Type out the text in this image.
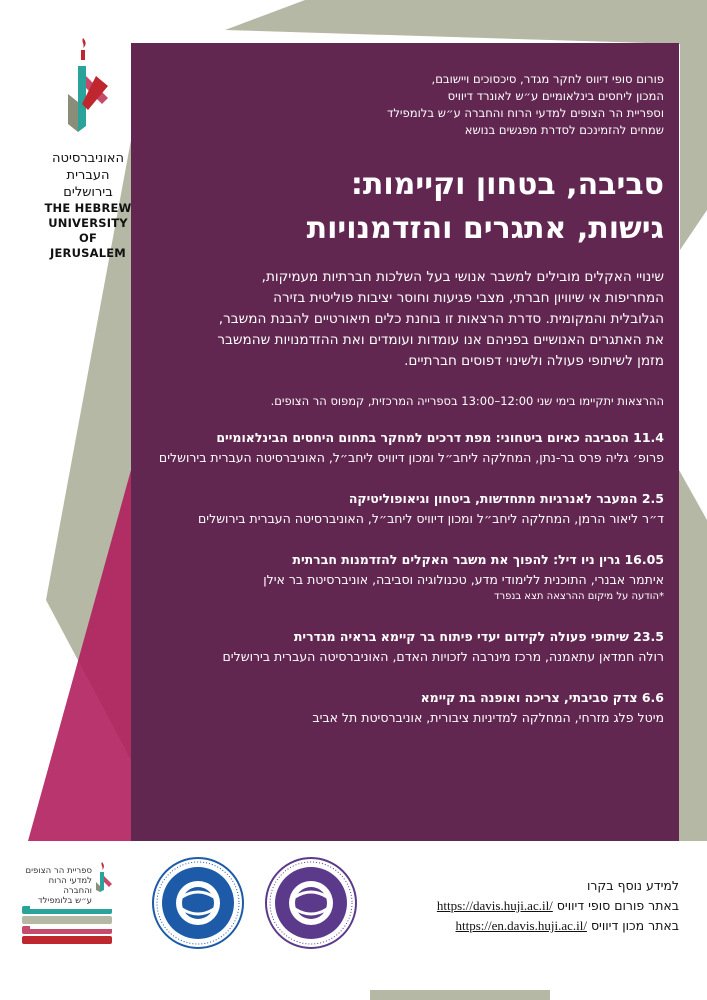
האוניברסיטה
העברית
בירושלים
THE HEBREW
UNIVERSITY
OF JERUSALEM
פורום סופי דיווס לחקר מגדר, סיכסוכים ויישובם,
המכון ליחסים בינלאומיים ע״ש לאונרד דיוויס
וספריית הר הצופים למדעי הרוח והחברה ע״ש בלומפילד
שמחים להזמינכם לסדרת מפגשים בנושא
סביבה, בטחון וקיימות:
גישות, אתגרים והזדמנויות
שינויי האקלים מובילים למשבר אנושי בעל השלכות חברתיות מעמיקות,
המחריפות אי שיוויון חברתי, מצבי פגיעות וחוסר יציבות פוליטית בזירה
הגלובלית והמקומית. סדרת הרצאות זו בוחנת כלים תיאורטיים להבנת המשבר,
את האתגרים האנושיים בפניהם אנו עומדות ועומדים ואת ההזדמנויות שהמשבר
מזמן לשיתופי פעולה ולשינוי דפוסים חברתיים.
ההרצאות יתקיימו בימי שני 12:00–13:00 בספרייה המרכזית, קמפוס הר הצופים.
11.4 הסביבה כאיום ביטחוני: מפת דרכים למחקר בתחום היחסים הבינלאומיים
פרופ׳ גליה פרס בר-נתן, המחלקה ליחב״ל ומכון דיוויס ליחב״ל, האוניברסיטה העברית בירושלים
2.5 המעבר לאנרגיות מתחדשות, ביטחון וגיאופוליטיקה
ד״ר ליאור הרמן, המחלקה ליחב״ל ומכון דיוויס ליחב״ל, האוניברסיטה העברית בירושלים
16.05 גרין ניו דיל: להפוך את משבר האקלים להזדמנות חברתית
איתמר אבנרי, התוכנית ללימודי מדע, טכנולוגיה וסביבה, אוניברסיטת בר אילן
*הודעה על מיקום ההרצאה תצא בנפרד
23.5 שיתופי פעולה לקידום יעדי פיתוח בר קיימא בראיה מגדרית
רולה חמדאן עתאמנה, מרכז מינרבה לזכויות האדם, האוניברסיטה העברית בירושלים
6.6 צדק סביבתי, צריכה ואופנה בת קיימא
מיטל פלג מזרחי, המחלקה למדיניות ציבורית, אוניברסיטת תל אביב
ספריית הר הצופים
למדעי הרוח והחברה
ע״ש בלומפילד
למידע נוסף בקרו
באתר פורום סופי דיוויס https://davis.huji.ac.il/
באתר מכון דיוויס https://en.davis.huji.ac.il/
